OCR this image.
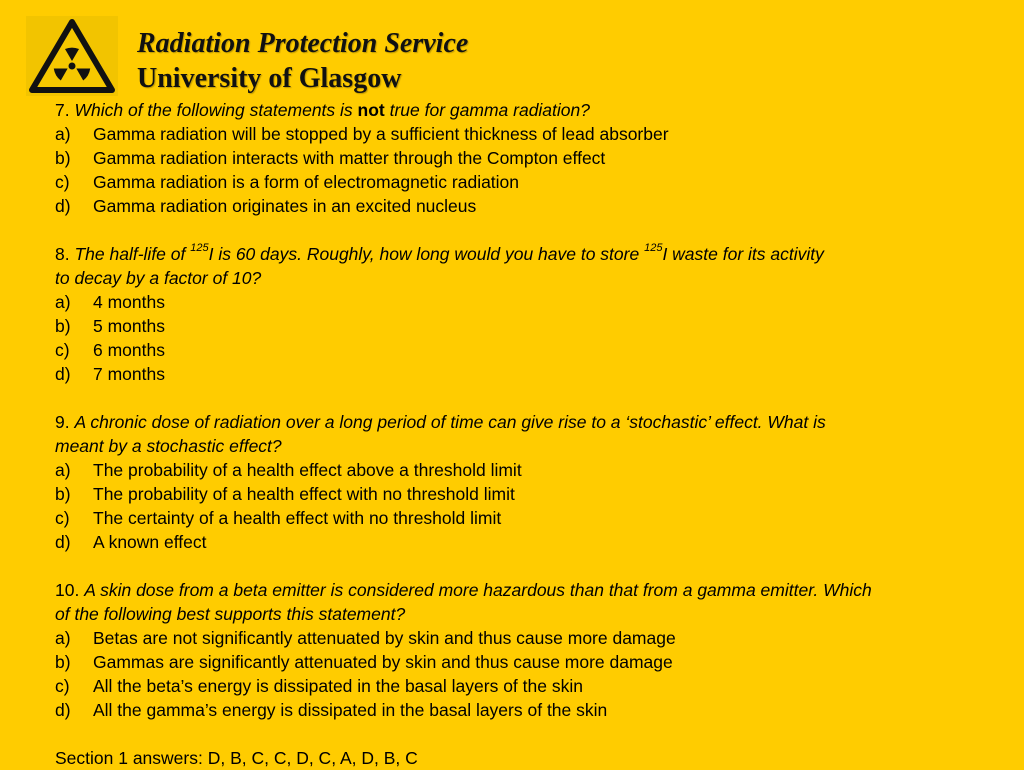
Radiation Protection Service
University of Glasgow
7. Which of the following statements is not true for gamma radiation?
a)	Gamma radiation will be stopped by a sufficient thickness of lead absorber
b)	Gamma radiation interacts with matter through the Compton effect
c)	Gamma radiation is a form of electromagnetic radiation
d)	Gamma radiation originates in an excited nucleus
8. The half-life of $^{125}$I is 60 days. Roughly, how long would you have to store $^{125}$I waste for its activity
to decay by a factor of 10?
a)	4 months
b)	5 months
c)	6 months
d)	7 months
9. A chronic dose of radiation over a long period of time can give rise to a ‘stochastic’ effect. What is
meant by a stochastic effect?
a)	The probability of a health effect above a threshold limit
b)	The probability of a health effect with no threshold limit
c)	The certainty of a health effect with no threshold limit
d)	A known effect
10. A skin dose from a beta emitter is considered more hazardous than that from a gamma emitter. Which
of the following best supports this statement?
a)	Betas are not significantly attenuated by skin and thus cause more damage
b)	Gammas are significantly attenuated by skin and thus cause more damage
c)	All the beta’s energy is dissipated in the basal layers of the skin
d)	All the gamma’s energy is dissipated in the basal layers of the skin
Section 1 answers: D, B, C, C, D, C, A, D, B, C
